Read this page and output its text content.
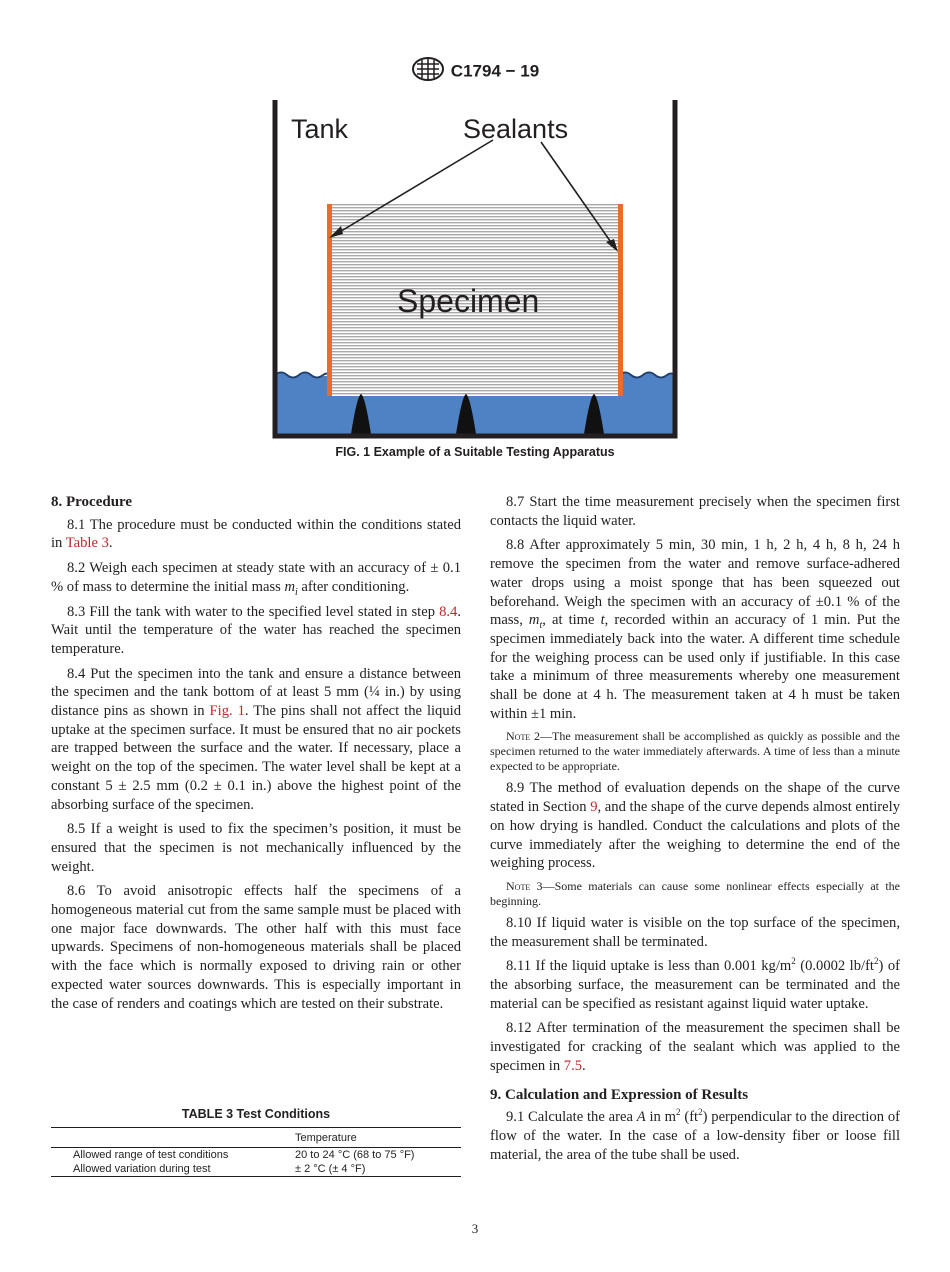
C1794 − 19
Tank	Sealants
Specimen
FIG. 1 Example of a Suitable Testing Apparatus
8. Procedure

8.1 The procedure must be conducted within the conditions stated in Table 3.

8.2 Weigh each specimen at steady state with an accuracy of ± 0.1 % of mass to determine the initial mass $m_i$ after conditioning.

8.3 Fill the tank with water to the specified level stated in step 8.4. Wait until the temperature of the water has reached the specimen temperature.

8.4 Put the specimen into the tank and ensure a distance between the specimen and the tank bottom of at least 5 mm (¼ in.) by using distance pins as shown in Fig. 1. The pins shall not affect the liquid uptake at the specimen surface. It must be ensured that no air pockets are trapped between the surface and the water. If necessary, place a weight on the top of the specimen. The water level shall be kept at a constant 5 ± 2.5 mm (0.2 ± 0.1 in.) above the highest point of the absorbing surface of the specimen.

8.5 If a weight is used to fix the specimen’s position, it must be ensured that the specimen is not mechanically influenced by the weight.

8.6 To avoid anisotropic effects half the specimens of a homogeneous material cut from the same sample must be placed with one major face downwards. The other half with this must face upwards. Specimens of non-homogeneous materials shall be placed with the face which is normally exposed to driving rain or other expected water sources downwards. This is especially important in the case of renders and coatings which are tested on their substrate.

TABLE 3 Test Conditions
	Temperature
Allowed range of test conditions	20 to 24 °C (68 to 75 °F)
Allowed variation during test	± 2 °C (± 4 °F)

8.7 Start the time measurement precisely when the specimen first contacts the liquid water.

8.8 After approximately 5 min, 30 min, 1 h, 2 h, 4 h, 8 h, 24 h remove the specimen from the water and remove surface-adhered water drops using a moist sponge that has been squeezed out beforehand. Weigh the specimen with an accuracy of ±0.1 % of the mass, $m_t$, at time t, recorded within an accuracy of 1 min. Put the specimen immediately back into the water. A different time schedule for the weighing process can be used only if justifiable. In this case take a minimum of three measurements whereby one measurement shall be done at 4 h. The measurement taken at 4 h must be taken within ±1 min.

Note 2—The measurement shall be accomplished as quickly as possible and the specimen returned to the water immediately afterwards. A time of less than a minute expected to be appropriate.

8.9 The method of evaluation depends on the shape of the curve stated in Section 9, and the shape of the curve depends almost entirely on how drying is handled. Conduct the calculations and plots of the curve immediately after the weighing to determine the end of the weighing process.

Note 3—Some materials can cause some nonlinear effects especially at the beginning.

8.10 If liquid water is visible on the top surface of the specimen, the measurement shall be terminated.

8.11 If the liquid uptake is less than 0.001 $kg/m^2$ (0.0002 $lb/ft^2$) of the absorbing surface, the measurement can be terminated and the material can be specified as resistant against liquid water uptake.

8.12 After termination of the measurement the specimen shall be investigated for cracking of the sealant which was applied to the specimen in 7.5.

9. Calculation and Expression of Results

9.1 Calculate the area A in $m^2$ $(ft^2)$ perpendicular to the direction of flow of the water. In the case of a low-density fiber or loose fill material, the area of the tube shall be used.

3
